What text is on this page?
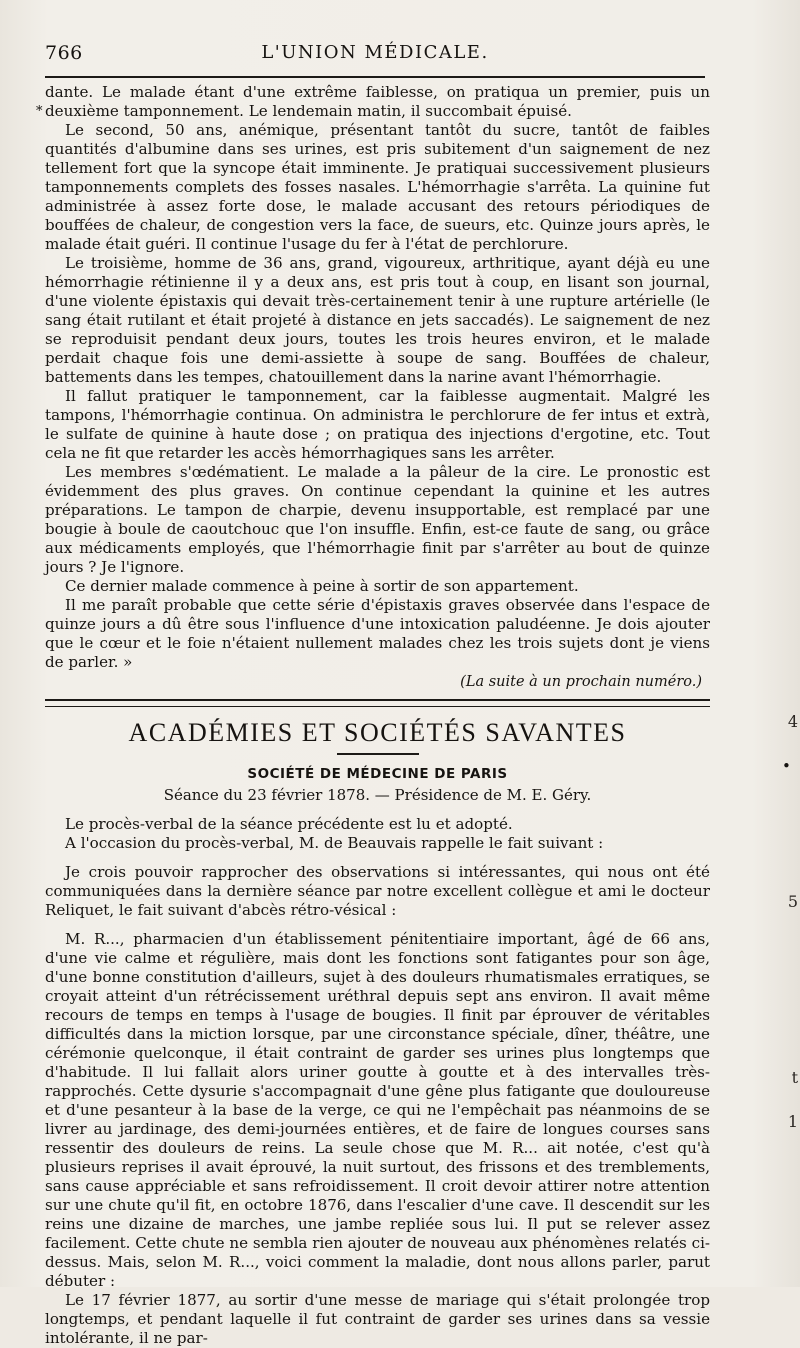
766	L'UNION MÉDICALE.
*
•
4
5
t
1

dante. Le malade étant d'une extrême faiblesse, on pratiqua un premier, puis un deuxième tamponnement. Le lendemain matin, il succombait épuisé.

Le second, 50 ans, anémique, présentant tantôt du sucre, tantôt de faibles quantités d'albumine dans ses urines, est pris subitement d'un saignement de nez tellement fort que la syncope était imminente. Je pratiquai successivement plusieurs tamponnements complets des fosses nasales. L'hémorrhagie s'arrêta. La quinine fut administrée à assez forte dose, le malade accusant des retours périodiques de bouffées de chaleur, de congestion vers la face, de sueurs, etc. Quinze jours après, le malade était guéri. Il continue l'usage du fer à l'état de perchlorure.

Le troisième, homme de 36 ans, grand, vigoureux, arthritique, ayant déjà eu une hémorrhagie rétinienne il y a deux ans, est pris tout à coup, en lisant son journal, d'une violente épistaxis qui devait très-certainement tenir à une rupture artérielle (le sang était rutilant et était projeté à distance en jets saccadés). Le saignement de nez se reproduisit pendant deux jours, toutes les trois heures environ, et le malade perdait chaque fois une demi-assiette à soupe de sang. Bouffées de chaleur, battements dans les tempes, chatouillement dans la narine avant l'hémorrhagie.

Il fallut pratiquer le tamponnement, car la faiblesse augmentait. Malgré les tampons, l'hémorrhagie continua. On administra le perchlorure de fer intus et extrà, le sulfate de quinine à haute dose ; on pratiqua des injections d'ergotine, etc. Tout cela ne fit que retarder les accès hémorrhagiques sans les arrêter.

Les membres s'œdématient. Le malade a la pâleur de la cire. Le pronostic est évidemment des plus graves. On continue cependant la quinine et les autres préparations. Le tampon de charpie, devenu insupportable, est remplacé par une bougie à boule de caoutchouc que l'on insuffle. Enfin, est-ce faute de sang, ou grâce aux médicaments employés, que l'hémorrhagie finit par s'arrêter au bout de quinze jours ? Je l'ignore.

Ce dernier malade commence à peine à sortir de son appartement.

Il me paraît probable que cette série d'épistaxis graves observée dans l'espace de quinze jours a dû être sous l'influence d'une intoxication paludéenne. Je dois ajouter que le cœur et le foie n'étaient nullement malades chez les trois sujets dont je viens de parler. »

(La suite à un prochain numéro.)

ACADÉMIES ET SOCIÉTÉS SAVANTES

SOCIÉTÉ DE MÉDECINE DE PARIS

Séance du 23 février 1878. — Présidence de M. E. Géry.

Le procès-verbal de la séance précédente est lu et adopté.

A l'occasion du procès-verbal, M. de Beauvais rappelle le fait suivant :

Je crois pouvoir rapprocher des observations si intéressantes, qui nous ont été communiquées dans la dernière séance par notre excellent collègue et ami le docteur Reliquet, le fait suivant d'abcès rétro-vésical :

M. R..., pharmacien d'un établissement pénitentiaire important, âgé de 66 ans, d'une vie calme et régulière, mais dont les fonctions sont fatigantes pour son âge, d'une bonne constitution d'ailleurs, sujet à des douleurs rhumatismales erratiques, se croyait atteint d'un rétrécissement uréthral depuis sept ans environ. Il avait même recours de temps en temps à l'usage de bougies. Il finit par éprouver de véritables difficultés dans la miction lorsque, par une circonstance spéciale, dîner, théâtre, une cérémonie quelconque, il était contraint de garder ses urines plus longtemps que d'habitude. Il lui fallait alors uriner goutte à goutte et à des intervalles très-rapprochés. Cette dysurie s'accompagnait d'une gêne plus fatigante que douloureuse et d'une pesanteur à la base de la verge, ce qui ne l'empêchait pas néanmoins de se livrer au jardinage, des demi-journées entières, et de faire de longues courses sans ressentir des douleurs de reins. La seule chose que M. R... ait notée, c'est qu'à plusieurs reprises il avait éprouvé, la nuit surtout, des frissons et des tremblements, sans cause appréciable et sans refroidissement. Il croit devoir attirer notre attention sur une chute qu'il fit, en octobre 1876, dans l'escalier d'une cave. Il descendit sur les reins une dizaine de marches, une jambe repliée sous lui. Il put se relever assez facilement. Cette chute ne sembla rien ajouter de nouveau aux phénomènes relatés ci-dessus. Mais, selon M. R..., voici comment la maladie, dont nous allons parler, parut débuter :

Le 17 février 1877, au sortir d'une messe de mariage qui s'était prolongée trop longtemps, et pendant laquelle il fut contraint de garder ses urines dans sa vessie intolérante, il ne par-
